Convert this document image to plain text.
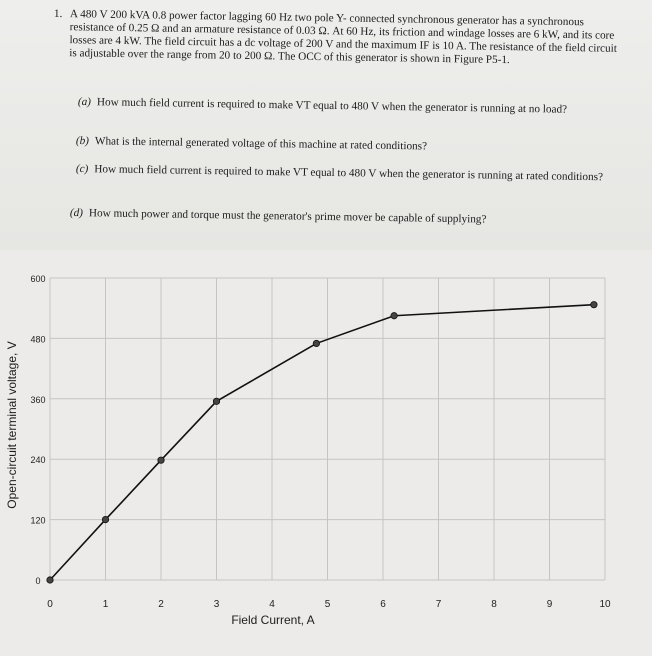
1. A 480 V 200 kVA 0.8 power factor lagging 60 Hz two pole Y- connected synchronous generator has a synchronous resistance of 0.25 Ω and an armature resistance of 0.03 Ω. At 60 Hz, its friction and windage losses are 6 kW, and its core losses are 4 kW. The field circuit has a dc voltage of 200 V and the maximum IF is 10 A. The resistance of the field circuit is adjustable over the range from 20 to 200 Ω. The OCC of this generator is shown in Figure P5-1.
(a) How much field current is required to make VT equal to 480 V when the generator is running at no load?
(b) What is the internal generated voltage of this machine at rated conditions?
(c) How much field current is required to make VT equal to 480 V when the generator is running at rated conditions?
(d) How much power and torque must the generator's prime mover be capable of supplying?
0	1	2	3	4	5	6	7	8	9	10
0
120
240
360
480
600
Field Current, A
Open-circuit terminal voltage, V
